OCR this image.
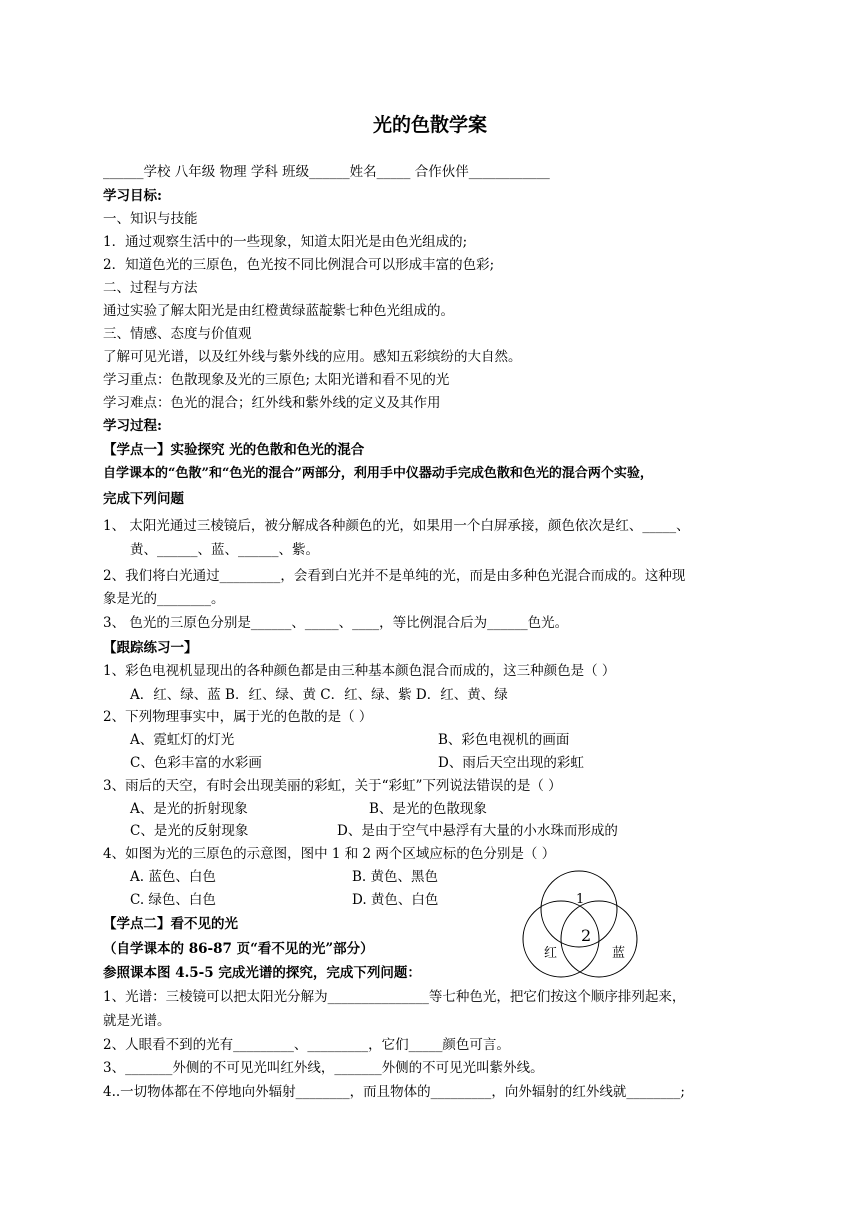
光的色散学案
______学校 八年级 物理 学科 班级______姓名_____ 合作伙伴____________
学习目标:
一、知识与技能
1．通过观察生活中的一些现象，知道太阳光是由色光组成的;
2．知道色光的三原色，色光按不同比例混合可以形成丰富的色彩;
二、过程与方法
通过实验了解太阳光是由红橙黄绿蓝靛紫七种色光组成的。
三、情感、态度与价值观
了解可见光谱，以及红外线与紫外线的应用。感知五彩缤纷的大自然。
学习重点：色散现象及光的三原色; 太阳光谱和看不见的光
学习难点：色光的混合；红外线和紫外线的定义及其作用
学习过程:
【学点一】实验探究 光的色散和色光的混合
自学课本的“色散”和“色光的混合”两部分，利用手中仪器动手完成色散和色光的混合两个实验，
完成下列问题
1、 太阳光通过三棱镜后，被分解成各种颜色的光，如果用一个白屏承接，颜色依次是红、_____、
黄、______、蓝、______、紫。
2、我们将白光通过_________，会看到白光并不是单纯的光，而是由多种色光混合而成的。这种现
象是光的________。
3、 色光的三原色分别是______、_____、____，等比例混合后为______色光。
【跟踪练习一】
1、彩色电视机显现出的各种颜色都是由三种基本颜色混合而成的，这三种颜色是（ ）
A．红、绿、蓝 B．红、绿、黄 C．红、绿、紫 D．红、黄、绿
2、下列物理事实中，属于光的色散的是（ ）
A、霓虹灯的灯光	B、彩色电视机的画面
C、色彩丰富的水彩画	D、雨后天空出现的彩虹
3、雨后的天空，有时会出现美丽的彩虹，关于“彩虹”下列说法错误的是（ ）
A、是光的折射现象	B、是光的色散现象
C、是光的反射现象	D、是由于空气中悬浮有大量的小水珠而形成的
4、如图为光的三原色的示意图，图中 1 和 2 两个区域应标的色分别是（ ）
A. 蓝色、白色	B. 黄色、黑色
C. 绿色、白色	D. 黄色、白色
【学点二】看不见的光
（自学课本的 86-87 页“看不见的光”部分）
参照课本图 4.5-5 完成光谱的探究，完成下列问题：
1、光谱：三棱镜可以把太阳光分解为_______________等七种色光，把它们按这个顺序排列起来，
就是光谱。
2、人眼看不到的光有_________、_________，它们_____颜色可言。
3、_______外侧的不可见光叫红外线，_______外侧的不可见光叫紫外线。
4..一切物体都在不停地向外辐射________，而且物体的_________，向外辐射的红外线就________;
1
2
红	蓝
